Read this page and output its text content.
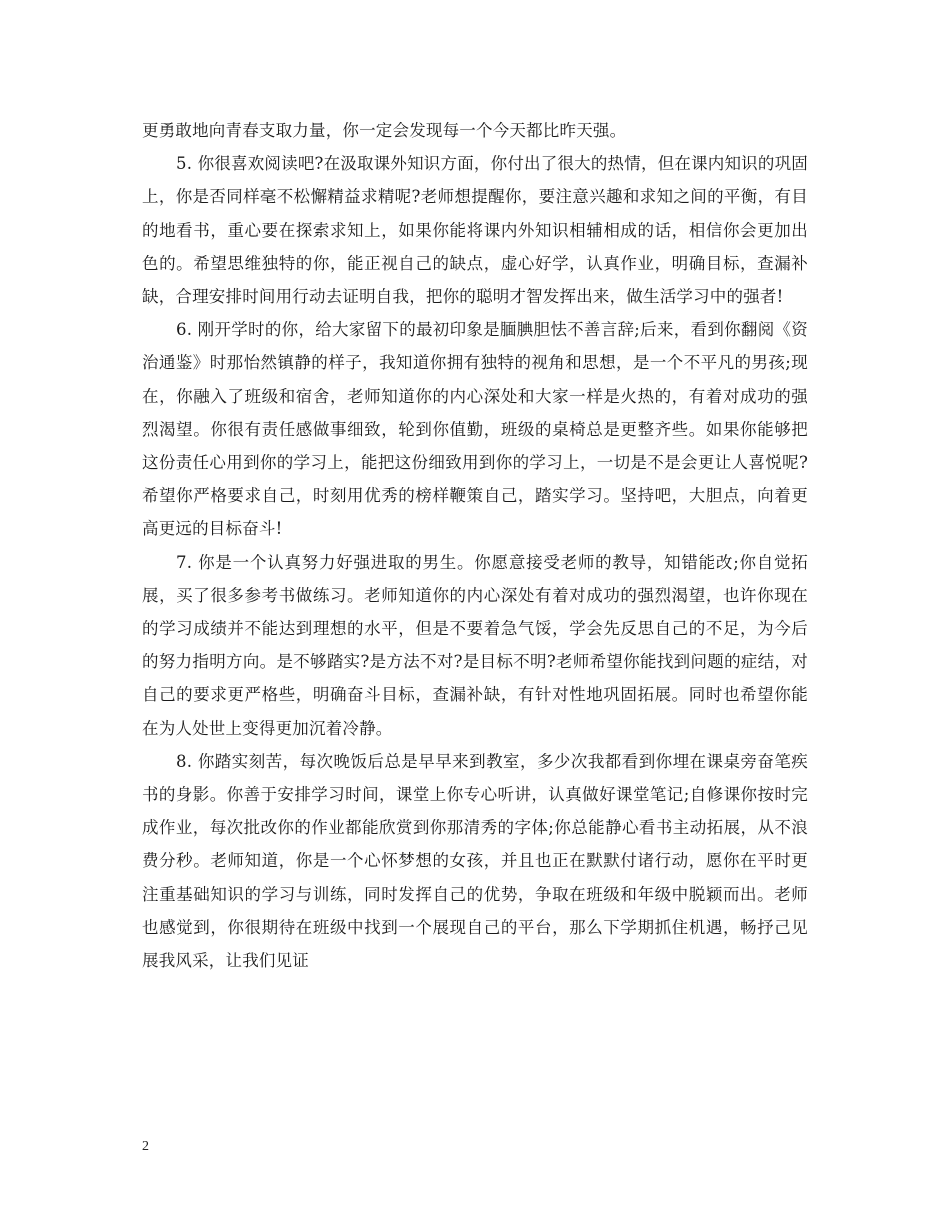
更勇敢地向青春支取力量，你一定会发现每一个今天都比昨天强。

5. 你很喜欢阅读吧?在汲取课外知识方面，你付出了很大的热情，但在课内知识的巩固上，你是否同样毫不松懈精益求精呢?老师想提醒你，要注意兴趣和求知之间的平衡，有目的地看书，重心要在探索求知上，如果你能将课内外知识相辅相成的话，相信你会更加出色的。希望思维独特的你，能正视自己的缺点，虚心好学，认真作业，明确目标，查漏补缺，合理安排时间用行动去证明自我，把你的聪明才智发挥出来，做生活学习中的强者!

6. 刚开学时的你，给大家留下的最初印象是腼腆胆怯不善言辞;后来，看到你翻阅《资治通鉴》时那怡然镇静的样子，我知道你拥有独特的视角和思想，是一个不平凡的男孩;现在，你融入了班级和宿舍，老师知道你的内心深处和大家一样是火热的，有着对成功的强烈渴望。你很有责任感做事细致，轮到你值勤，班级的桌椅总是更整齐些。如果你能够把这份责任心用到你的学习上，能把这份细致用到你的学习上，一切是不是会更让人喜悦呢?希望你严格要求自己，时刻用优秀的榜样鞭策自己，踏实学习。坚持吧，大胆点，向着更高更远的目标奋斗!

7. 你是一个认真努力好强进取的男生。你愿意接受老师的教导，知错能改;你自觉拓展，买了很多参考书做练习。老师知道你的内心深处有着对成功的强烈渴望，也许你现在的学习成绩并不能达到理想的水平，但是不要着急气馁，学会先反思自己的不足，为今后的努力指明方向。是不够踏实?是方法不对?是目标不明?老师希望你能找到问题的症结，对自己的要求更严格些，明确奋斗目标，查漏补缺，有针对性地巩固拓展。同时也希望你能在为人处世上变得更加沉着冷静。

8. 你踏实刻苦，每次晚饭后总是早早来到教室，多少次我都看到你埋在课桌旁奋笔疾书的身影。你善于安排学习时间，课堂上你专心听讲，认真做好课堂笔记;自修课你按时完成作业，每次批改你的作业都能欣赏到你那清秀的字体;你总能静心看书主动拓展，从不浪费分秒。老师知道，你是一个心怀梦想的女孩，并且也正在默默付诸行动，愿你在平时更注重基础知识的学习与训练，同时发挥自己的优势，争取在班级和年级中脱颖而出。老师也感觉到，你很期待在班级中找到一个展现自己的平台，那么下学期抓住机遇，畅抒己见展我风采，让我们见证

2
